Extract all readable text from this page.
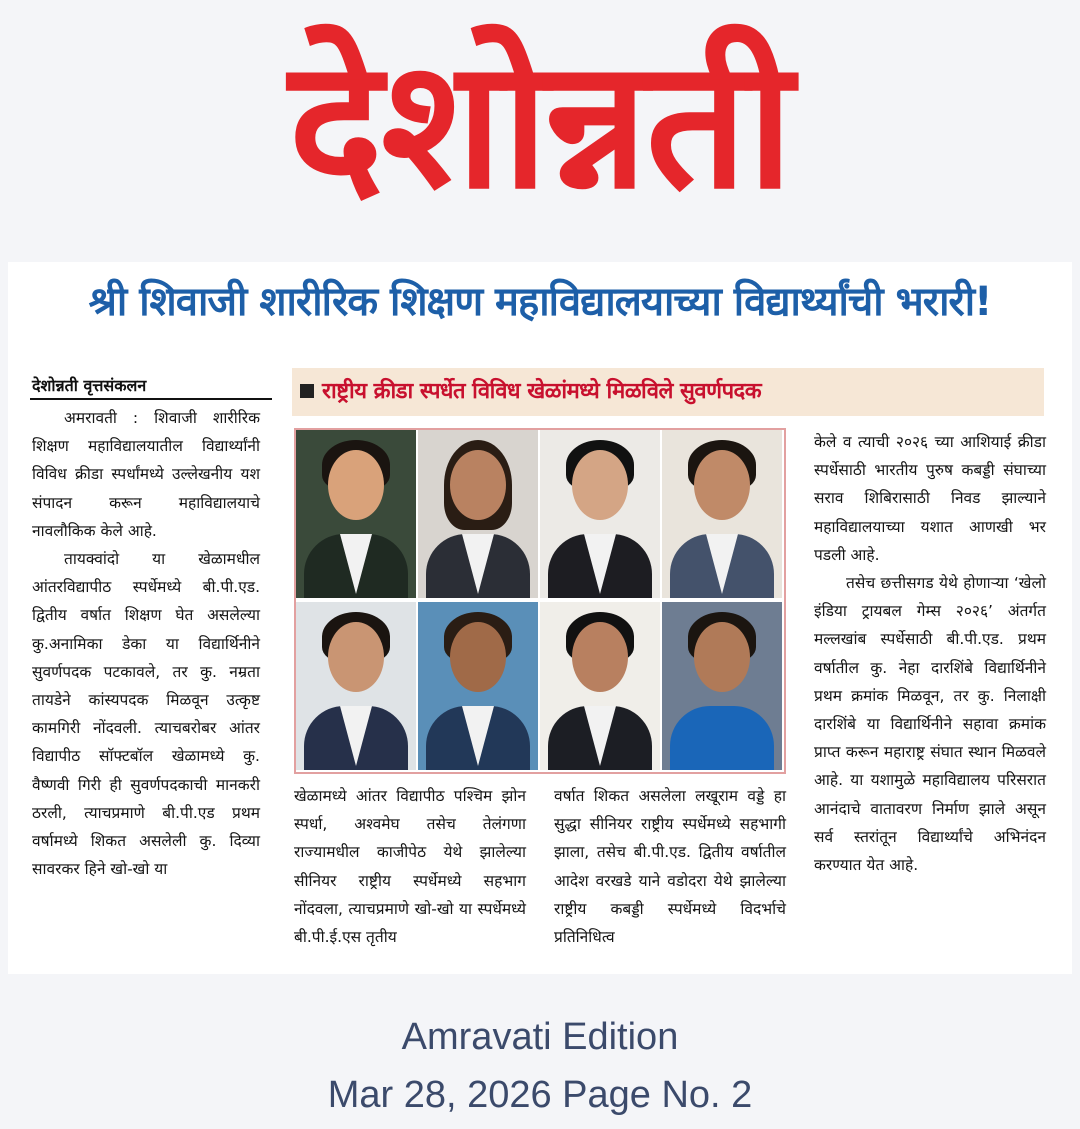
देशोन्नती
श्री शिवाजी शारीरिक शिक्षण महाविद्यालयाच्या विद्यार्थ्यांची भरारी!
देशोन्नती वृत्तसंकलन	राष्ट्रीय क्रीडा स्पर्धेत विविध खेळांमध्ये मिळविले सुवर्णपदक

अमरावती : शिवाजी शारीरिक शिक्षण महाविद्यालयातील विद्यार्थ्यांनी विविध क्रीडा स्पर्धांमध्ये उल्लेखनीय यश संपादन करून महाविद्यालयाचे नावलौकिक केले आहे.

तायक्वांदो या खेळामधील आंतरविद्यापीठ स्पर्धेमध्ये बी.पी.एड. द्वितीय वर्षात शिक्षण घेत असलेल्या कु.अनामिका डेका या विद्यार्थिनीने सुवर्णपदक पटकावले, तर कु. नम्रता तायडेने कांस्यपदक मिळवून उत्कृष्ट कामगिरी नोंदवली. त्याचबरोबर आंतर विद्यापीठ सॉफ्टबॉल खेळामध्ये कु. वैष्णवी गिरी ही सुवर्णपदकाची मानकरी ठरली, त्याचप्रमाणे बी.पी.एड प्रथम वर्षामध्ये शिकत असलेली कु. दिव्या सावरकर हिने खो-खो या

खेळामध्ये आंतर विद्यापीठ पश्चिम झोन स्पर्धा, अश्वमेघ तसेच तेलंगणा राज्यामधील काजीपेठ येथे झालेल्या सीनियर राष्ट्रीय स्पर्धेमध्ये सहभाग नोंदवला, त्याचप्रमाणे खो-खो या स्पर्धेमध्ये बी.पी.ई.एस तृतीय

वर्षात शिकत असलेला लखूराम वड्डे हा सुद्धा सीनियर राष्ट्रीय स्पर्धेमध्ये सहभागी झाला, तसेच बी.पी.एड. द्वितीय वर्षातील आदेश वरखडे याने वडोदरा येथे झालेल्या राष्ट्रीय कबड्डी स्पर्धेमध्ये विदर्भाचे प्रतिनिधित्व

केले व त्याची २०२६ च्या आशियाई क्रीडा स्पर्धेसाठी भारतीय पुरुष कबड्डी संघाच्या सराव शिबिरासाठी निवड झाल्याने महाविद्यालयाच्या यशात आणखी भर पडली आहे.

तसेच छत्तीसगड येथे होणाऱ्या ‘खेलो इंडिया ट्रायबल गेम्स २०२६’ अंतर्गत मल्लखांब स्पर्धेसाठी बी.पी.एड. प्रथम वर्षातील कु. नेहा दारशिंबे विद्यार्थिनीने प्रथम क्रमांक मिळवून, तर कु. निलाक्षी दारशिंबे या विद्यार्थिनीने सहावा क्रमांक प्राप्त करून महाराष्ट्र संघात स्थान मिळवले आहे. या यशामुळे महाविद्यालय परिसरात आनंदाचे वातावरण निर्माण झाले असून सर्व स्तरांतून विद्यार्थ्यांचे अभिनंदन करण्यात येत आहे.

Amravati Edition
Mar 28, 2026 Page No. 2
